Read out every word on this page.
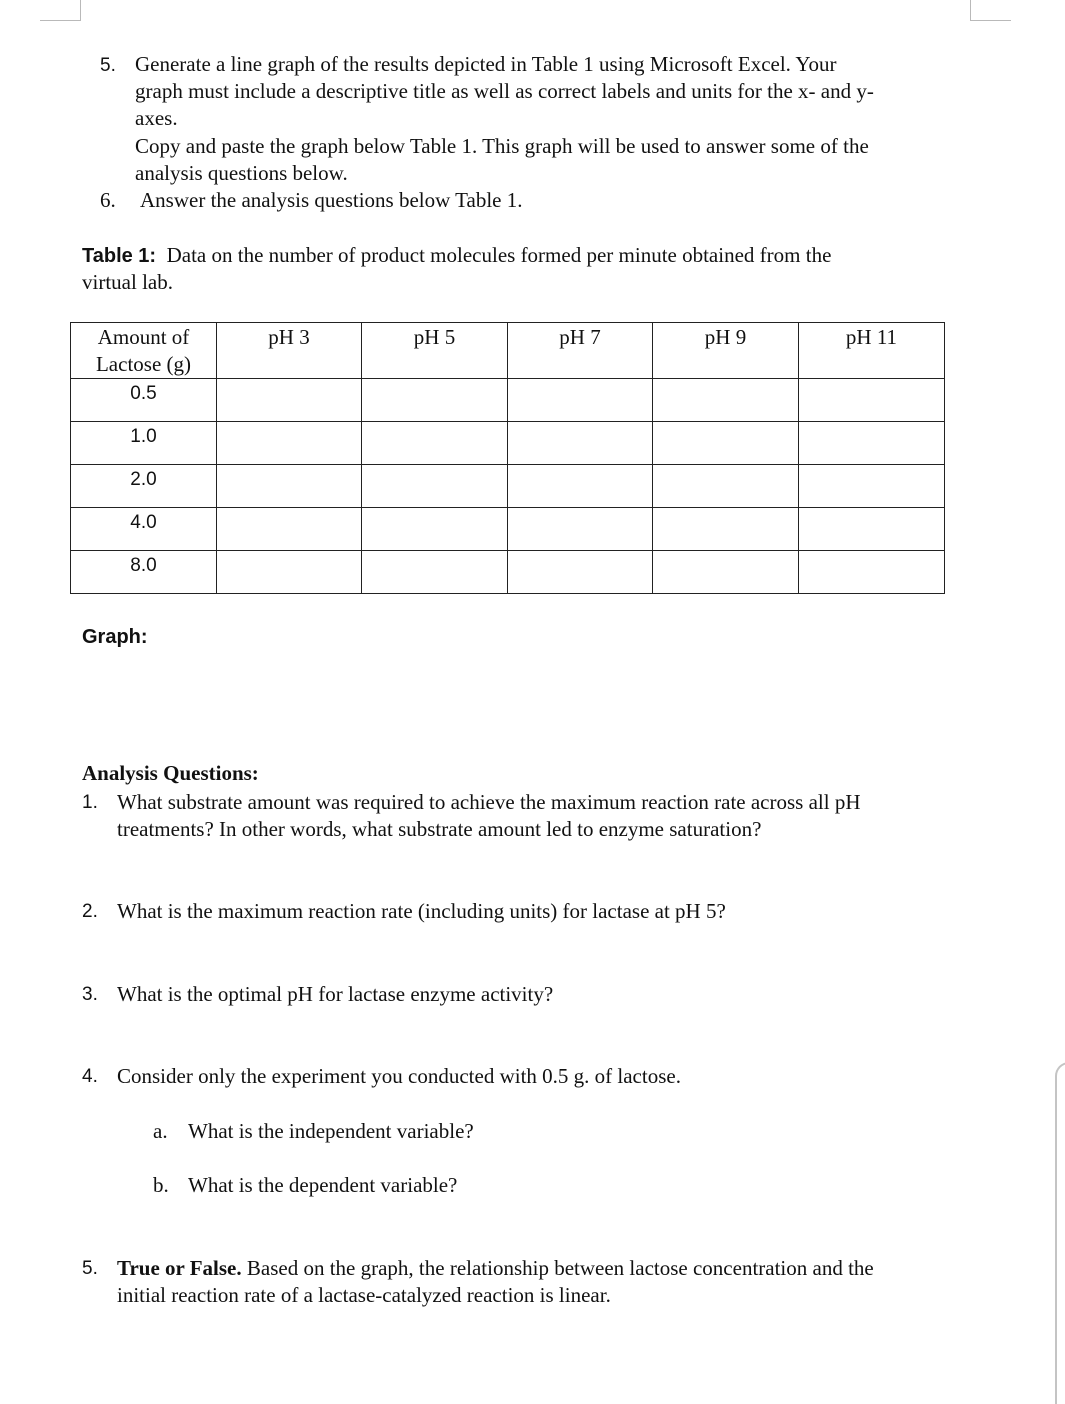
5. Generate a line graph of the results depicted in Table 1 using Microsoft Excel. Your
graph must include a descriptive title as well as correct labels and units for the x- and y-
axes.
Copy and paste the graph below Table 1. This graph will be used to answer some of the
analysis questions below.
6. Answer the analysis questions below Table 1.
Table 1: Data on the number of product molecules formed per minute obtained from the
virtual lab.
Amount of
Lactose (g)	pH 3	pH 5	pH 7	pH 9	pH 11
0.5					
1.0					
2.0					
4.0					
8.0					
Graph:
Analysis Questions:
1. What substrate amount was required to achieve the maximum reaction rate across all pH
treatments? In other words, what substrate amount led to enzyme saturation?
2. What is the maximum reaction rate (including units) for lactase at pH 5?
3. What is the optimal pH for lactase enzyme activity?
4. Consider only the experiment you conducted with 0.5 g. of lactose.
a. What is the independent variable?
b. What is the dependent variable?
5. True or False. Based on the graph, the relationship between lactose concentration and the
initial reaction rate of a lactase-catalyzed reaction is linear.
